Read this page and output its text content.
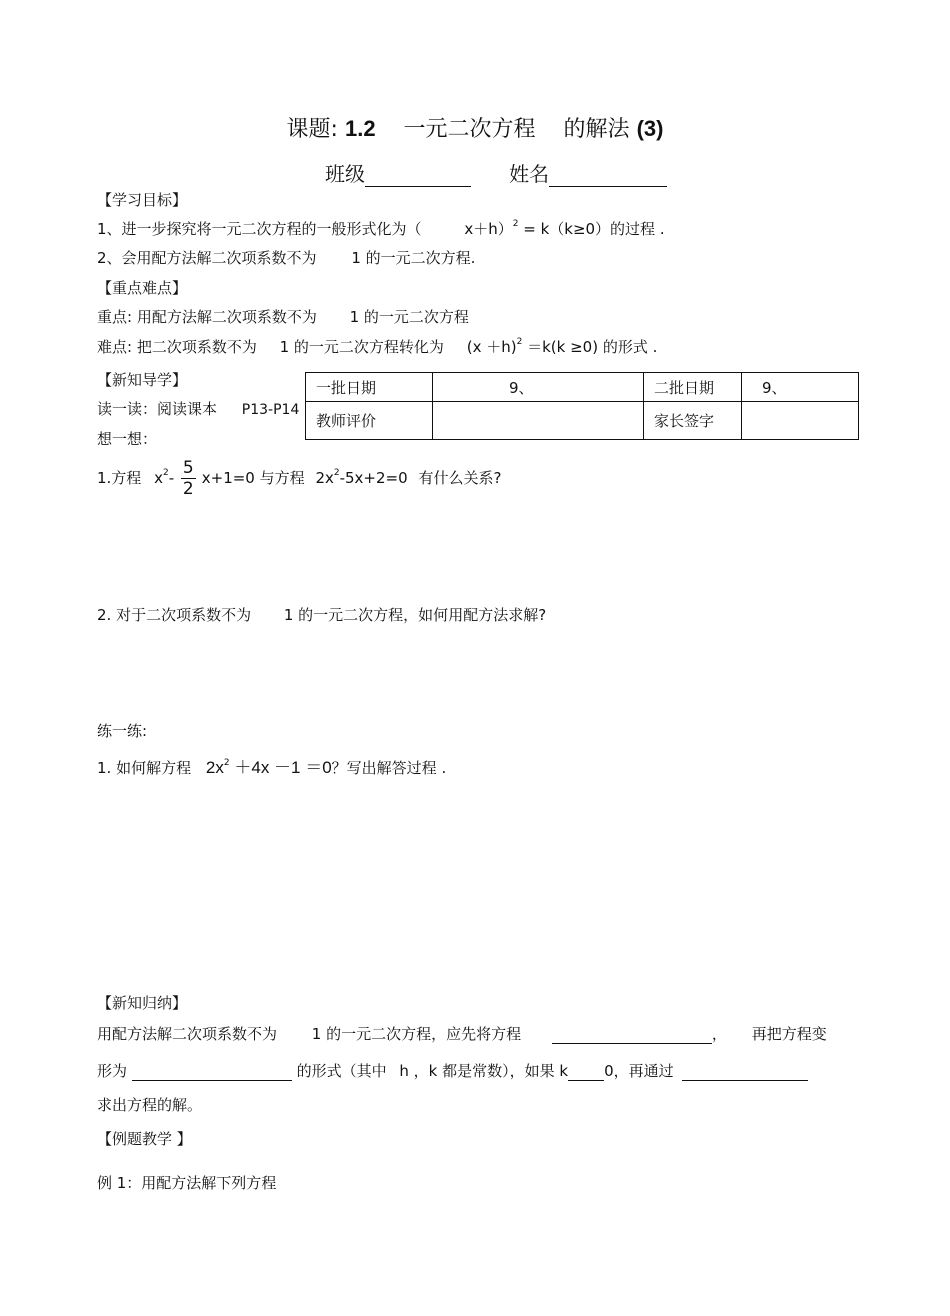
课题: 1.2 一元二次方程 的解法 (3)
班级	姓名
【学习目标】
1、进一步探究将一元二次方程的一般形式化为（	x＋h）$^2$ = k（k≥0）的过程 .
2、会用配方法解二次项系数不为 1 的一元二次方程.
【重点难点】
重点: 用配方法解二次项系数不为 1 的一元二次方程
难点: 把二次项系数不为 1 的一元二次方程转化为 $(x +h)^2 =k(k \ge 0)$ 的形式 .
【新知导学】
读一读：阅读课本 P13-P14
想一想：
一批日期	9、	二批日期	9、
教师评价		家长签字	
1.方程 $x^2- \frac{5}{2} x+1=0$ 与方程 $2x^2-5x+2=0$ 有什么关系?
2. 对于二次项系数不为 1 的一元二次方程，如何用配方法求解?
练一练:
1. 如何解方程 $2x^2 +4x -1 =0$？写出解答过程 .
【新知归纳】
用配方法解二次项系数不为 1 的一元二次方程，应先将方程	， 再把方程变
形为	的形式（其中 h ，k 都是常数），如果 k 0，再通过
求出方程的解。
【例题教学 】
例 1：用配方法解下列方程
